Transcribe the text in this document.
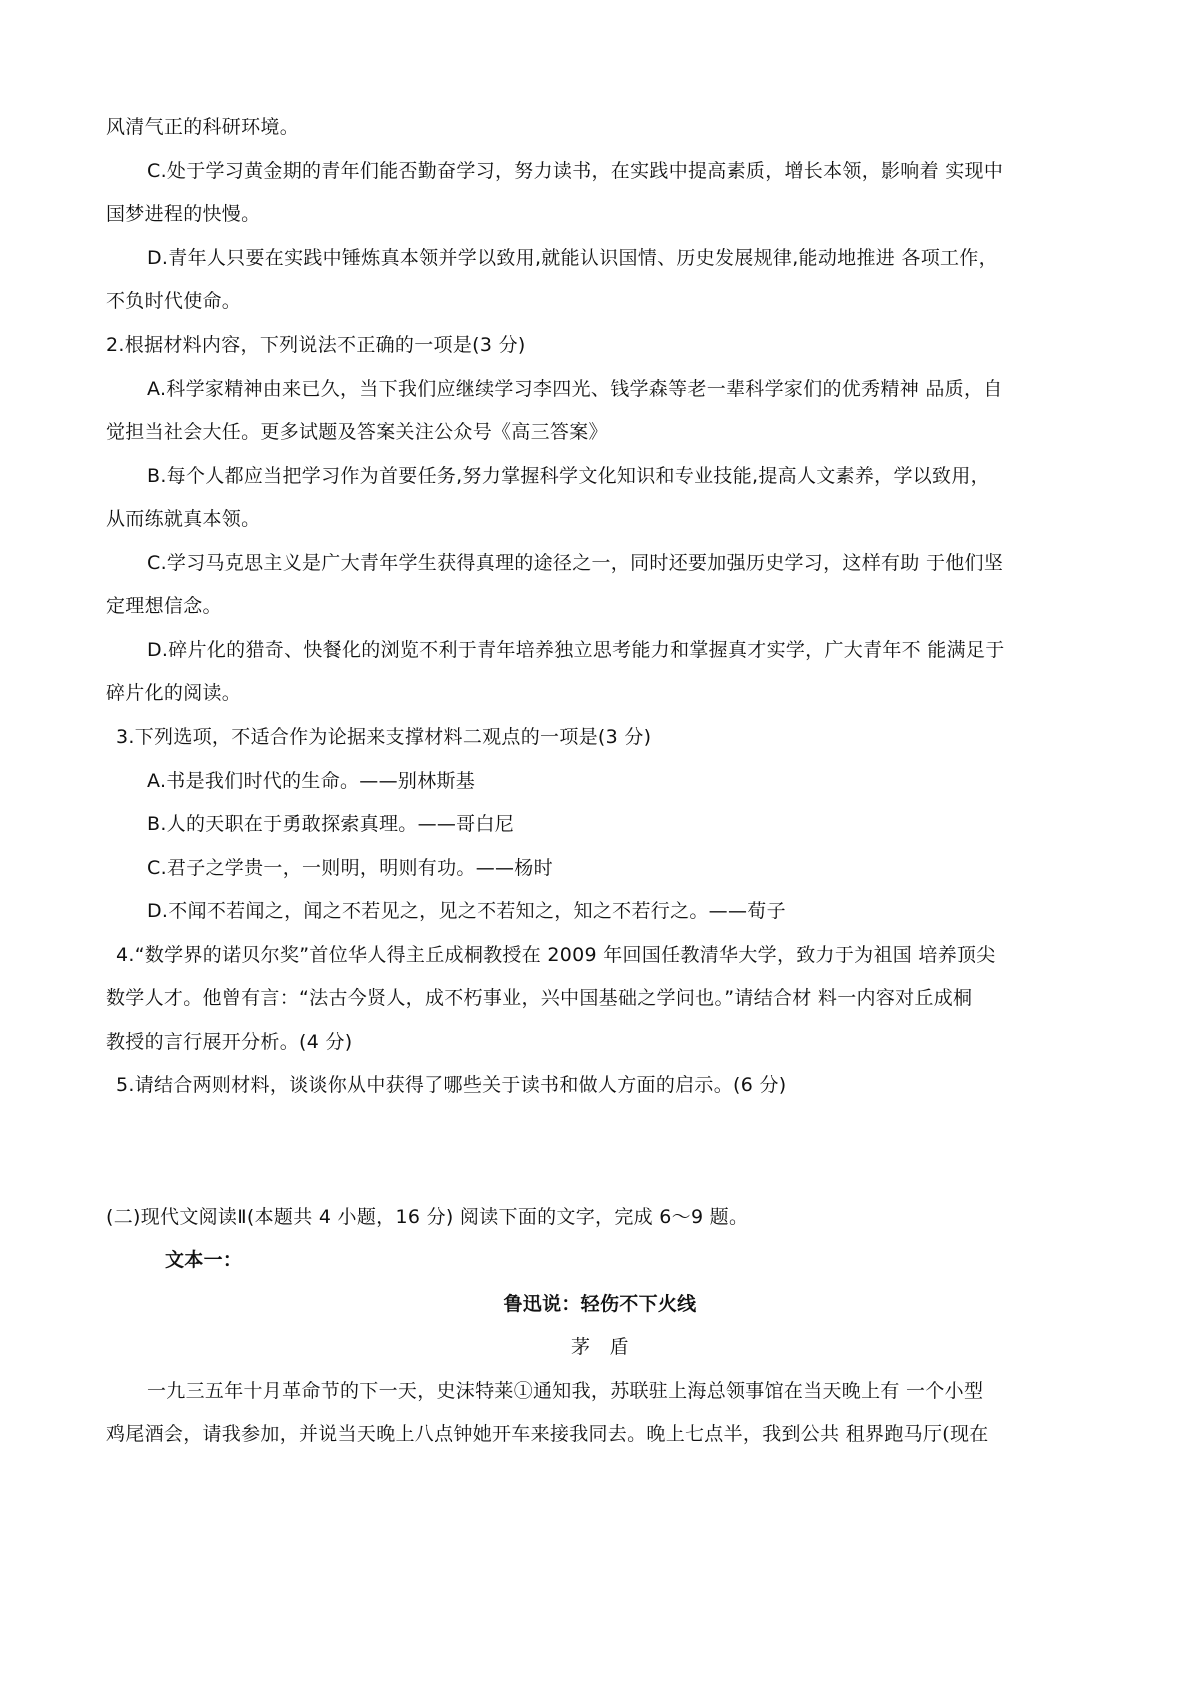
风清气正的科研环境。
C.处于学习黄金期的青年们能否勤奋学习，努力读书，在实践中提高素质，增长本领，影响着 实现中
国梦进程的快慢。
D.青年人只要在实践中锤炼真本领并学以致用,就能认识国情、历史发展规律,能动地推进 各项工作，
不负时代使命。
2.根据材料内容，下列说法不正确的一项是(3 分)
A.科学家精神由来已久，当下我们应继续学习李四光、钱学森等老一辈科学家们的优秀精神 品质，自
觉担当社会大任。更多试题及答案关注公众号《高三答案》
B.每个人都应当把学习作为首要任务,努力掌握科学文化知识和专业技能,提高人文素养，学以致用，
从而练就真本领。
C.学习马克思主义是广大青年学生获得真理的途径之一，同时还要加强历史学习，这样有助 于他们坚
定理想信念。
D.碎片化的猎奇、快餐化的浏览不利于青年培养独立思考能力和掌握真才实学，广大青年不 能满足于
碎片化的阅读。
3.下列选项，不适合作为论据来支撑材料二观点的一项是(3 分)
A.书是我们时代的生命。——别林斯基
B.人的天职在于勇敢探索真理。——哥白尼
C.君子之学贵一，一则明，明则有功。——杨时
D.不闻不若闻之，闻之不若见之，见之不若知之，知之不若行之。——荀子
4.“数学界的诺贝尔奖”首位华人得主丘成桐教授在 2009 年回国任教清华大学，致力于为祖国 培养顶尖
数学人才。他曾有言：“法古今贤人，成不朽事业，兴中国基础之学问也。”请结合材 料一内容对丘成桐
教授的言行展开分析。(4 分)
5.请结合两则材料，谈谈你从中获得了哪些关于读书和做人方面的启示。(6 分)
(二)现代文阅读Ⅱ(本题共 4 小题，16 分) 阅读下面的文字，完成 6～9 题。
文本一：
鲁迅说：轻伤不下火线
茅　盾
一九三五年十月革命节的下一天，史沫特莱①通知我，苏联驻上海总领事馆在当天晚上有 一个小型
鸡尾酒会，请我参加，并说当天晚上八点钟她开车来接我同去。晚上七点半，我到公共 租界跑马厅(现在
